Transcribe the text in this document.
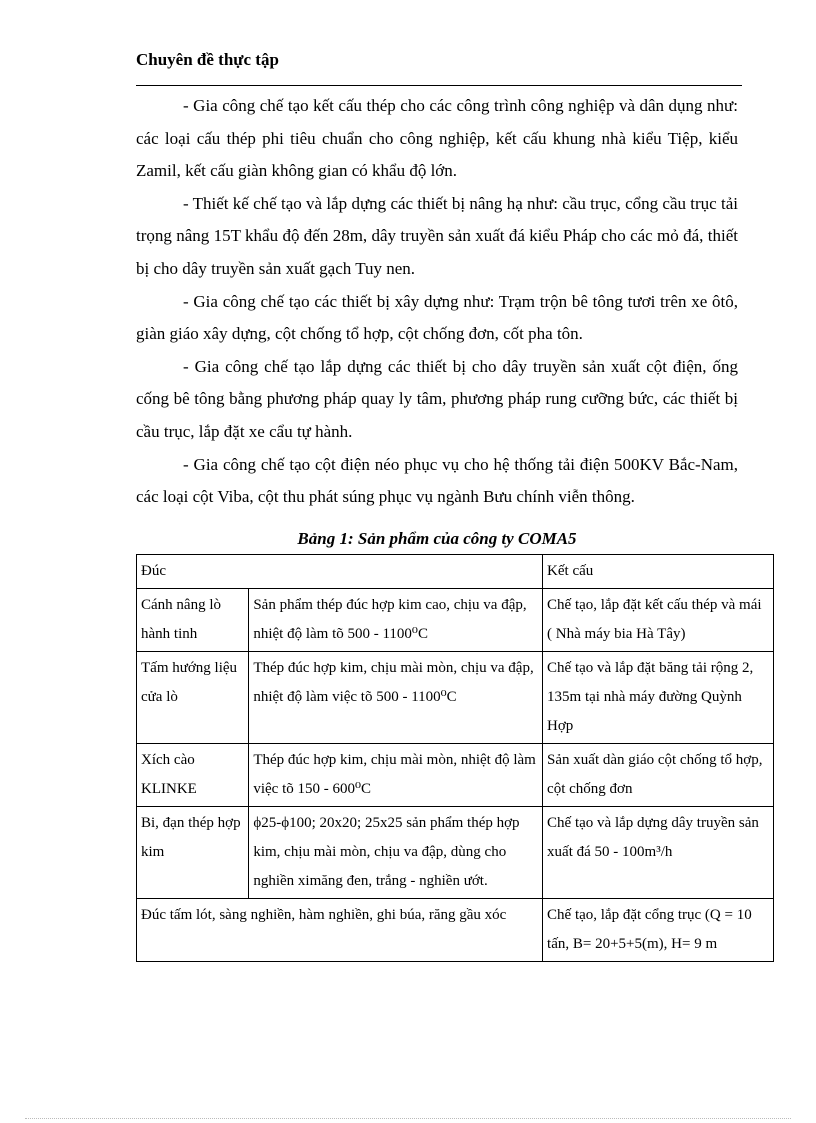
Chuyên đề thực tập

- Gia công chế tạo kết cấu thép cho các công trình công nghiệp và dân dụng như: các loại cấu thép phi tiêu chuẩn cho công nghiệp, kết cấu khung nhà kiểu Tiệp, kiểu Zamil, kết cấu giàn không gian có khẩu độ lớn.

- Thiết kế chế tạo và lắp dựng các thiết bị nâng hạ như: cầu trục, cổng cầu trục tải trọng nâng 15T khẩu độ đến 28m, dây truyền sản xuất đá kiểu Pháp cho các mỏ đá, thiết bị cho dây truyền sản xuất gạch Tuy nen.

- Gia công chế tạo các thiết bị xây dựng như: Trạm trộn bê tông tươi trên xe ôtô, giàn giáo xây dựng, cột chống tổ hợp, cột chống đơn, cốt pha tôn.

- Gia công chế tạo lắp dựng các thiết bị cho dây truyền sản xuất cột điện, ống cống bê tông bằng phương pháp quay ly tâm, phương pháp rung cưỡng bức, các thiết bị cầu trục, lắp đặt xe cẩu tự hành.

- Gia công chế tạo cột điện néo phục vụ cho hệ thống tải điện 500KV Bắc-Nam, các loại cột Viba, cột thu phát súng phục vụ ngành Bưu chính viễn thông.

Bảng 1: Sản phẩm của công ty COMA5
Đúc		Kết cấu
Cánh nâng lò hành tinh	Sản phẩm thép đúc hợp kim cao, chịu va đập, nhiệt độ làm tõ 500 - 1100⁰C	Chế tạo, lắp đặt kết cấu thép và mái ( Nhà máy bia Hà Tây)
Tấm hướng liệu cửa lò	Thép đúc hợp kim, chịu mài mòn, chịu va đập, nhiệt độ làm việc tõ 500 - 1100⁰C	Chế tạo và lắp đặt băng tải rộng 2, 135m tại nhà máy đường Quỳnh Hợp
Xích cào KLINKE	Thép đúc hợp kim, chịu mài mòn, nhiệt độ làm việc tõ 150 - 600⁰C	Sản xuất dàn giáo cột chống tổ hợp, cột chống đơn
Bi, đạn thép hợp kim	ϕ25-ϕ100; 20x20; 25x25 sản phẩm thép hợp kim, chịu mài mòn, chịu va đập, dùng cho nghiền ximăng đen, trắng - nghiền ướt.	Chế tạo và lắp dựng dây truyền sản xuất đá 50 - 100m³/h
Đúc tấm lót, sàng nghiền, hàm nghiền, ghi búa, răng gầu xóc		Chế tạo, lắp đặt cổng trục (Q = 10 tấn, B= 20+5+5(m), H= 9 m
